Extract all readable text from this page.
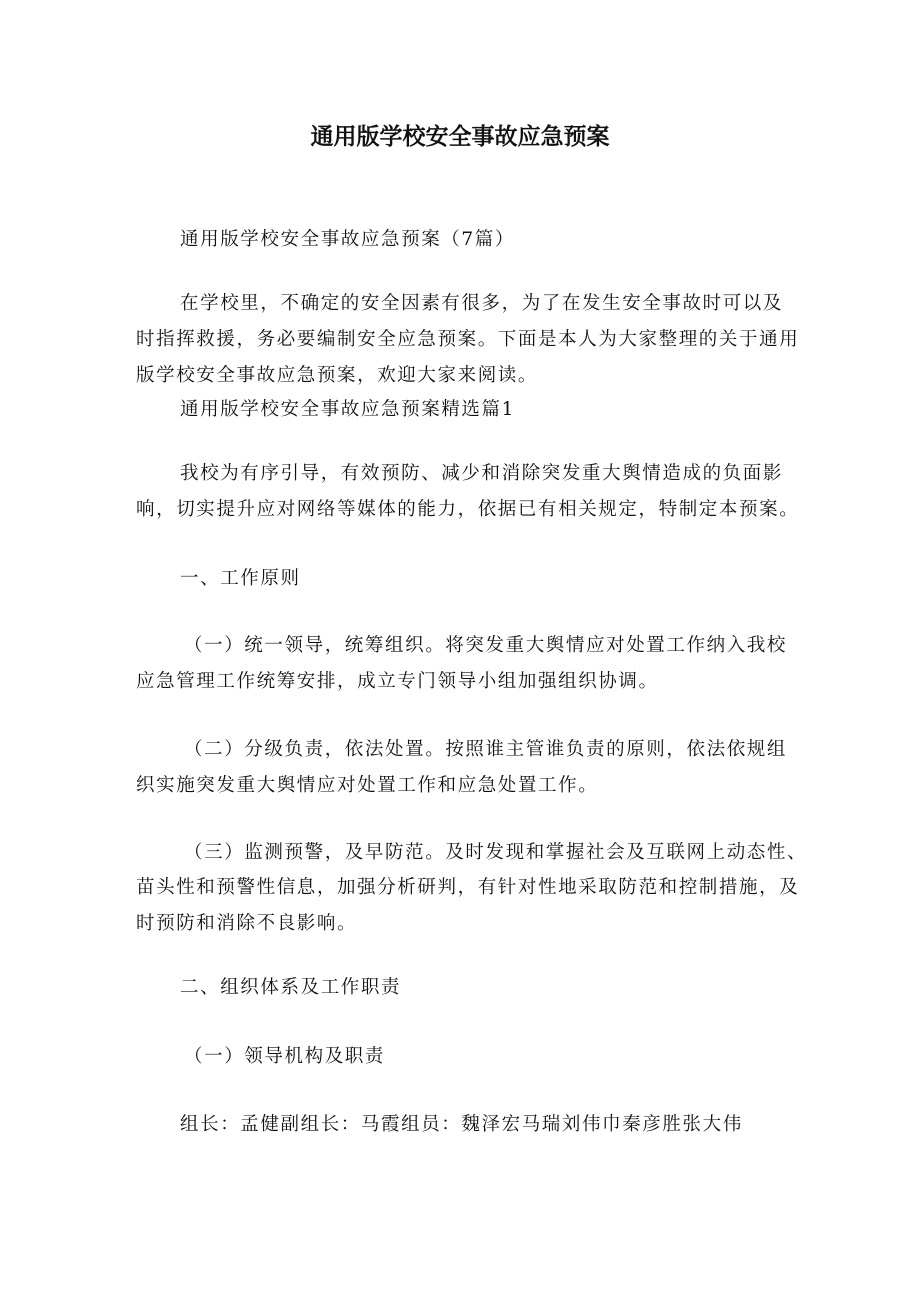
通用版学校安全事故应急预案
通用版学校安全事故应急预案（7篇）
在学校里，不确定的安全因素有很多，为了在发生安全事故时可以及
时指挥救援，务必要编制安全应急预案。下面是本人为大家整理的关于通用
版学校安全事故应急预案，欢迎大家来阅读。
通用版学校安全事故应急预案精选篇1
我校为有序引导，有效预防、减少和消除突发重大舆情造成的负面影
响，切实提升应对网络等媒体的能力，依据已有相关规定，特制定本预案。
一、工作原则
（一）统一领导，统筹组织。将突发重大舆情应对处置工作纳入我校
应急管理工作统筹安排，成立专门领导小组加强组织协调。
（二）分级负责，依法处置。按照谁主管谁负责的原则，依法依规组
织实施突发重大舆情应对处置工作和应急处置工作。
（三）监测预警，及早防范。及时发现和掌握社会及互联网上动态性、
苗头性和预警性信息，加强分析研判，有针对性地采取防范和控制措施，及
时预防和消除不良影响。
二、组织体系及工作职责
（一）领导机构及职责
组长：孟健副组长：马霞组员：魏泽宏马瑞刘伟巾秦彦胜张大伟
